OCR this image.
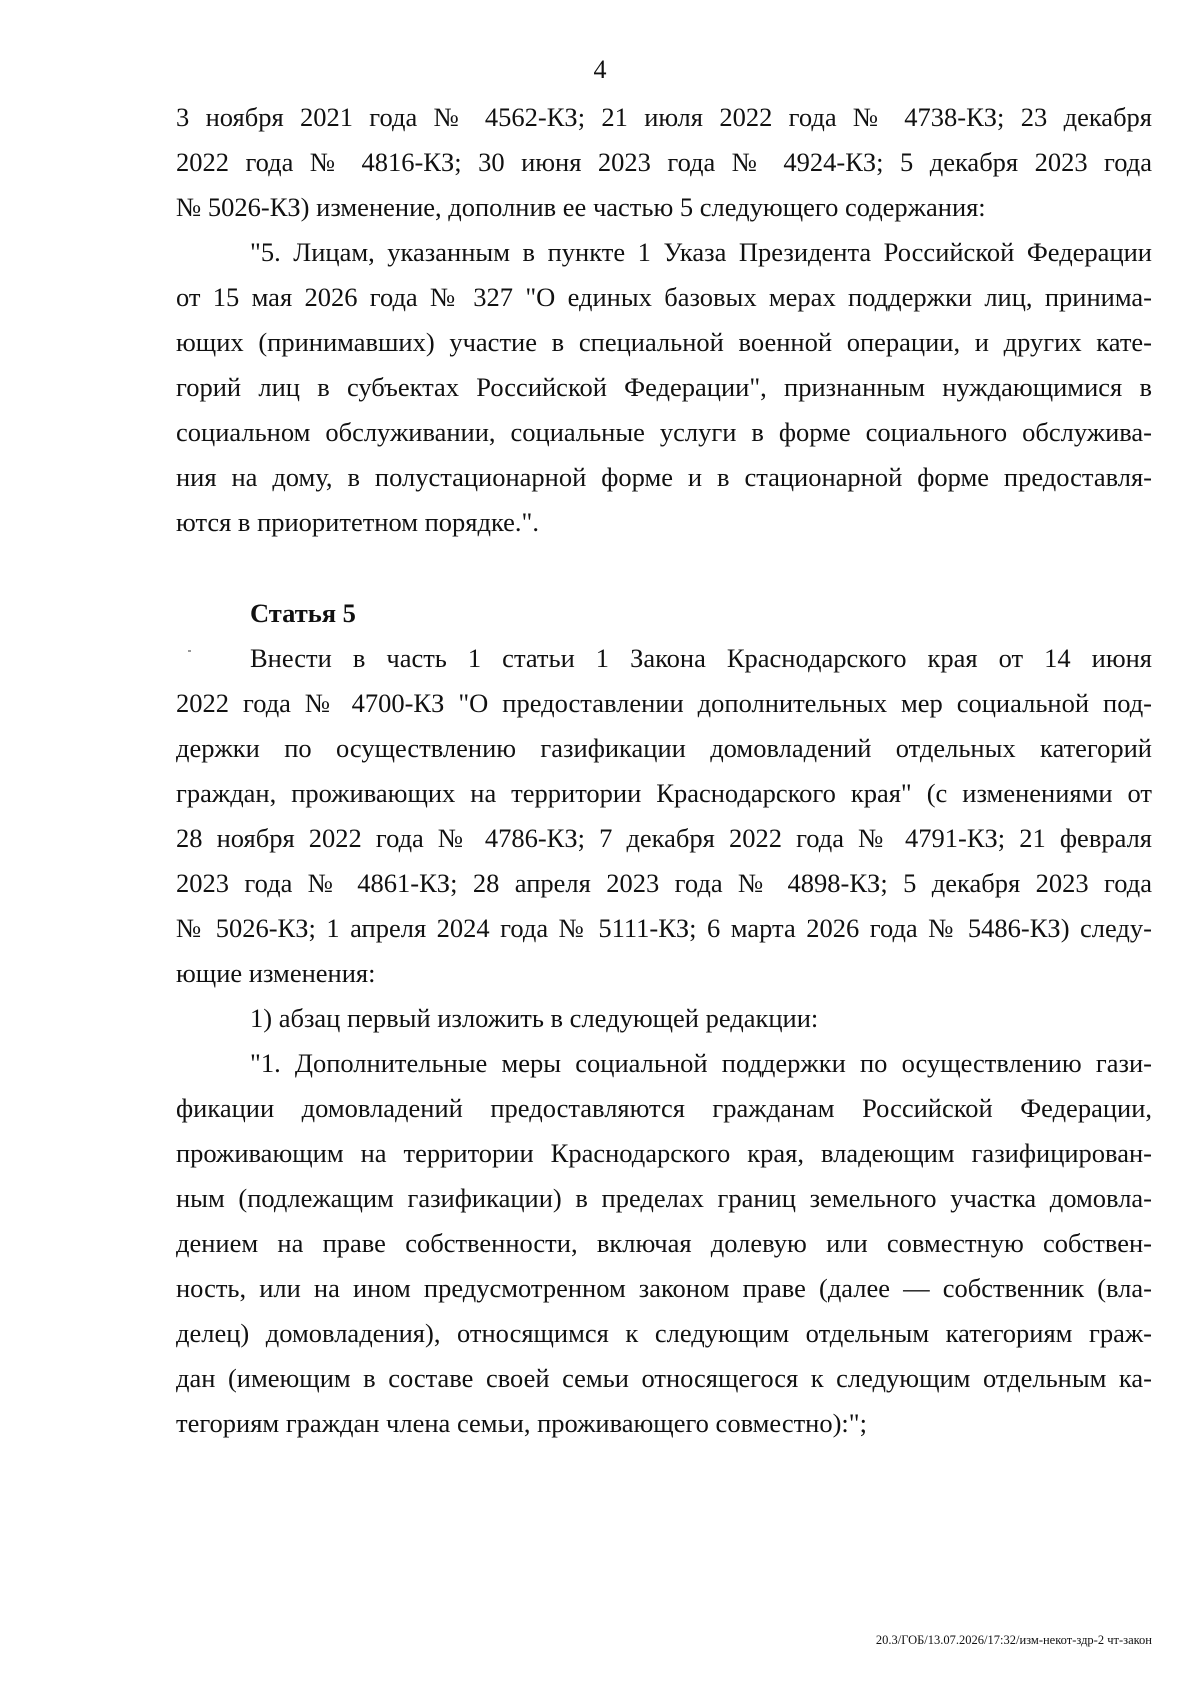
4
3 ноября 2021 года № 4562-КЗ; 21 июля 2022 года № 4738-КЗ; 23 декабря
2022 года № 4816-КЗ; 30 июня 2023 года № 4924-КЗ; 5 декабря 2023 года
№ 5026-КЗ) изменение, дополнив ее частью 5 следующего содержания:
"5. Лицам, указанным в пункте 1 Указа Президента Российской Федерации
от 15 мая 2026 года № 327 "О единых базовых мерах поддержки лиц, принима-
ющих (принимавших) участие в специальной военной операции, и других кате-
горий лиц в субъектах Российской Федерации", признанным нуждающимися в
социальном обслуживании, социальные услуги в форме социального обслужива-
ния на дому, в полустационарной форме и в стационарной форме предоставля-
ются в приоритетном порядке.".
Статья 5
Внести в часть 1 статьи 1 Закона Краснодарского края от 14 июня
2022 года № 4700-КЗ "О предоставлении дополнительных мер социальной под-
держки по осуществлению газификации домовладений отдельных категорий
граждан, проживающих на территории Краснодарского края" (с изменениями от
28 ноября 2022 года № 4786-КЗ; 7 декабря 2022 года № 4791-КЗ; 21 февраля
2023 года № 4861-КЗ; 28 апреля 2023 года № 4898-КЗ; 5 декабря 2023 года
№ 5026-КЗ; 1 апреля 2024 года № 5111-КЗ; 6 марта 2026 года № 5486-КЗ) следу-
ющие изменения:
1) абзац первый изложить в следующей редакции:
"1. Дополнительные меры социальной поддержки по осуществлению гази-
фикации домовладений предоставляются гражданам Российской Федерации,
проживающим на территории Краснодарского края, владеющим газифицирован-
ным (подлежащим газификации) в пределах границ земельного участка домовла-
дением на праве собственности, включая долевую или совместную собствен-
ность, или на ином предусмотренном законом праве (далее — собственник (вла-
делец) домовладения), относящимся к следующим отдельным категориям граж-
дан (имеющим в составе своей семьи относящегося к следующим отдельным ка-
тегориям граждан члена семьи, проживающего совместно):";
20.3/ГОБ/13.07.2026/17:32/изм-некот-здр-2 чт-закон
